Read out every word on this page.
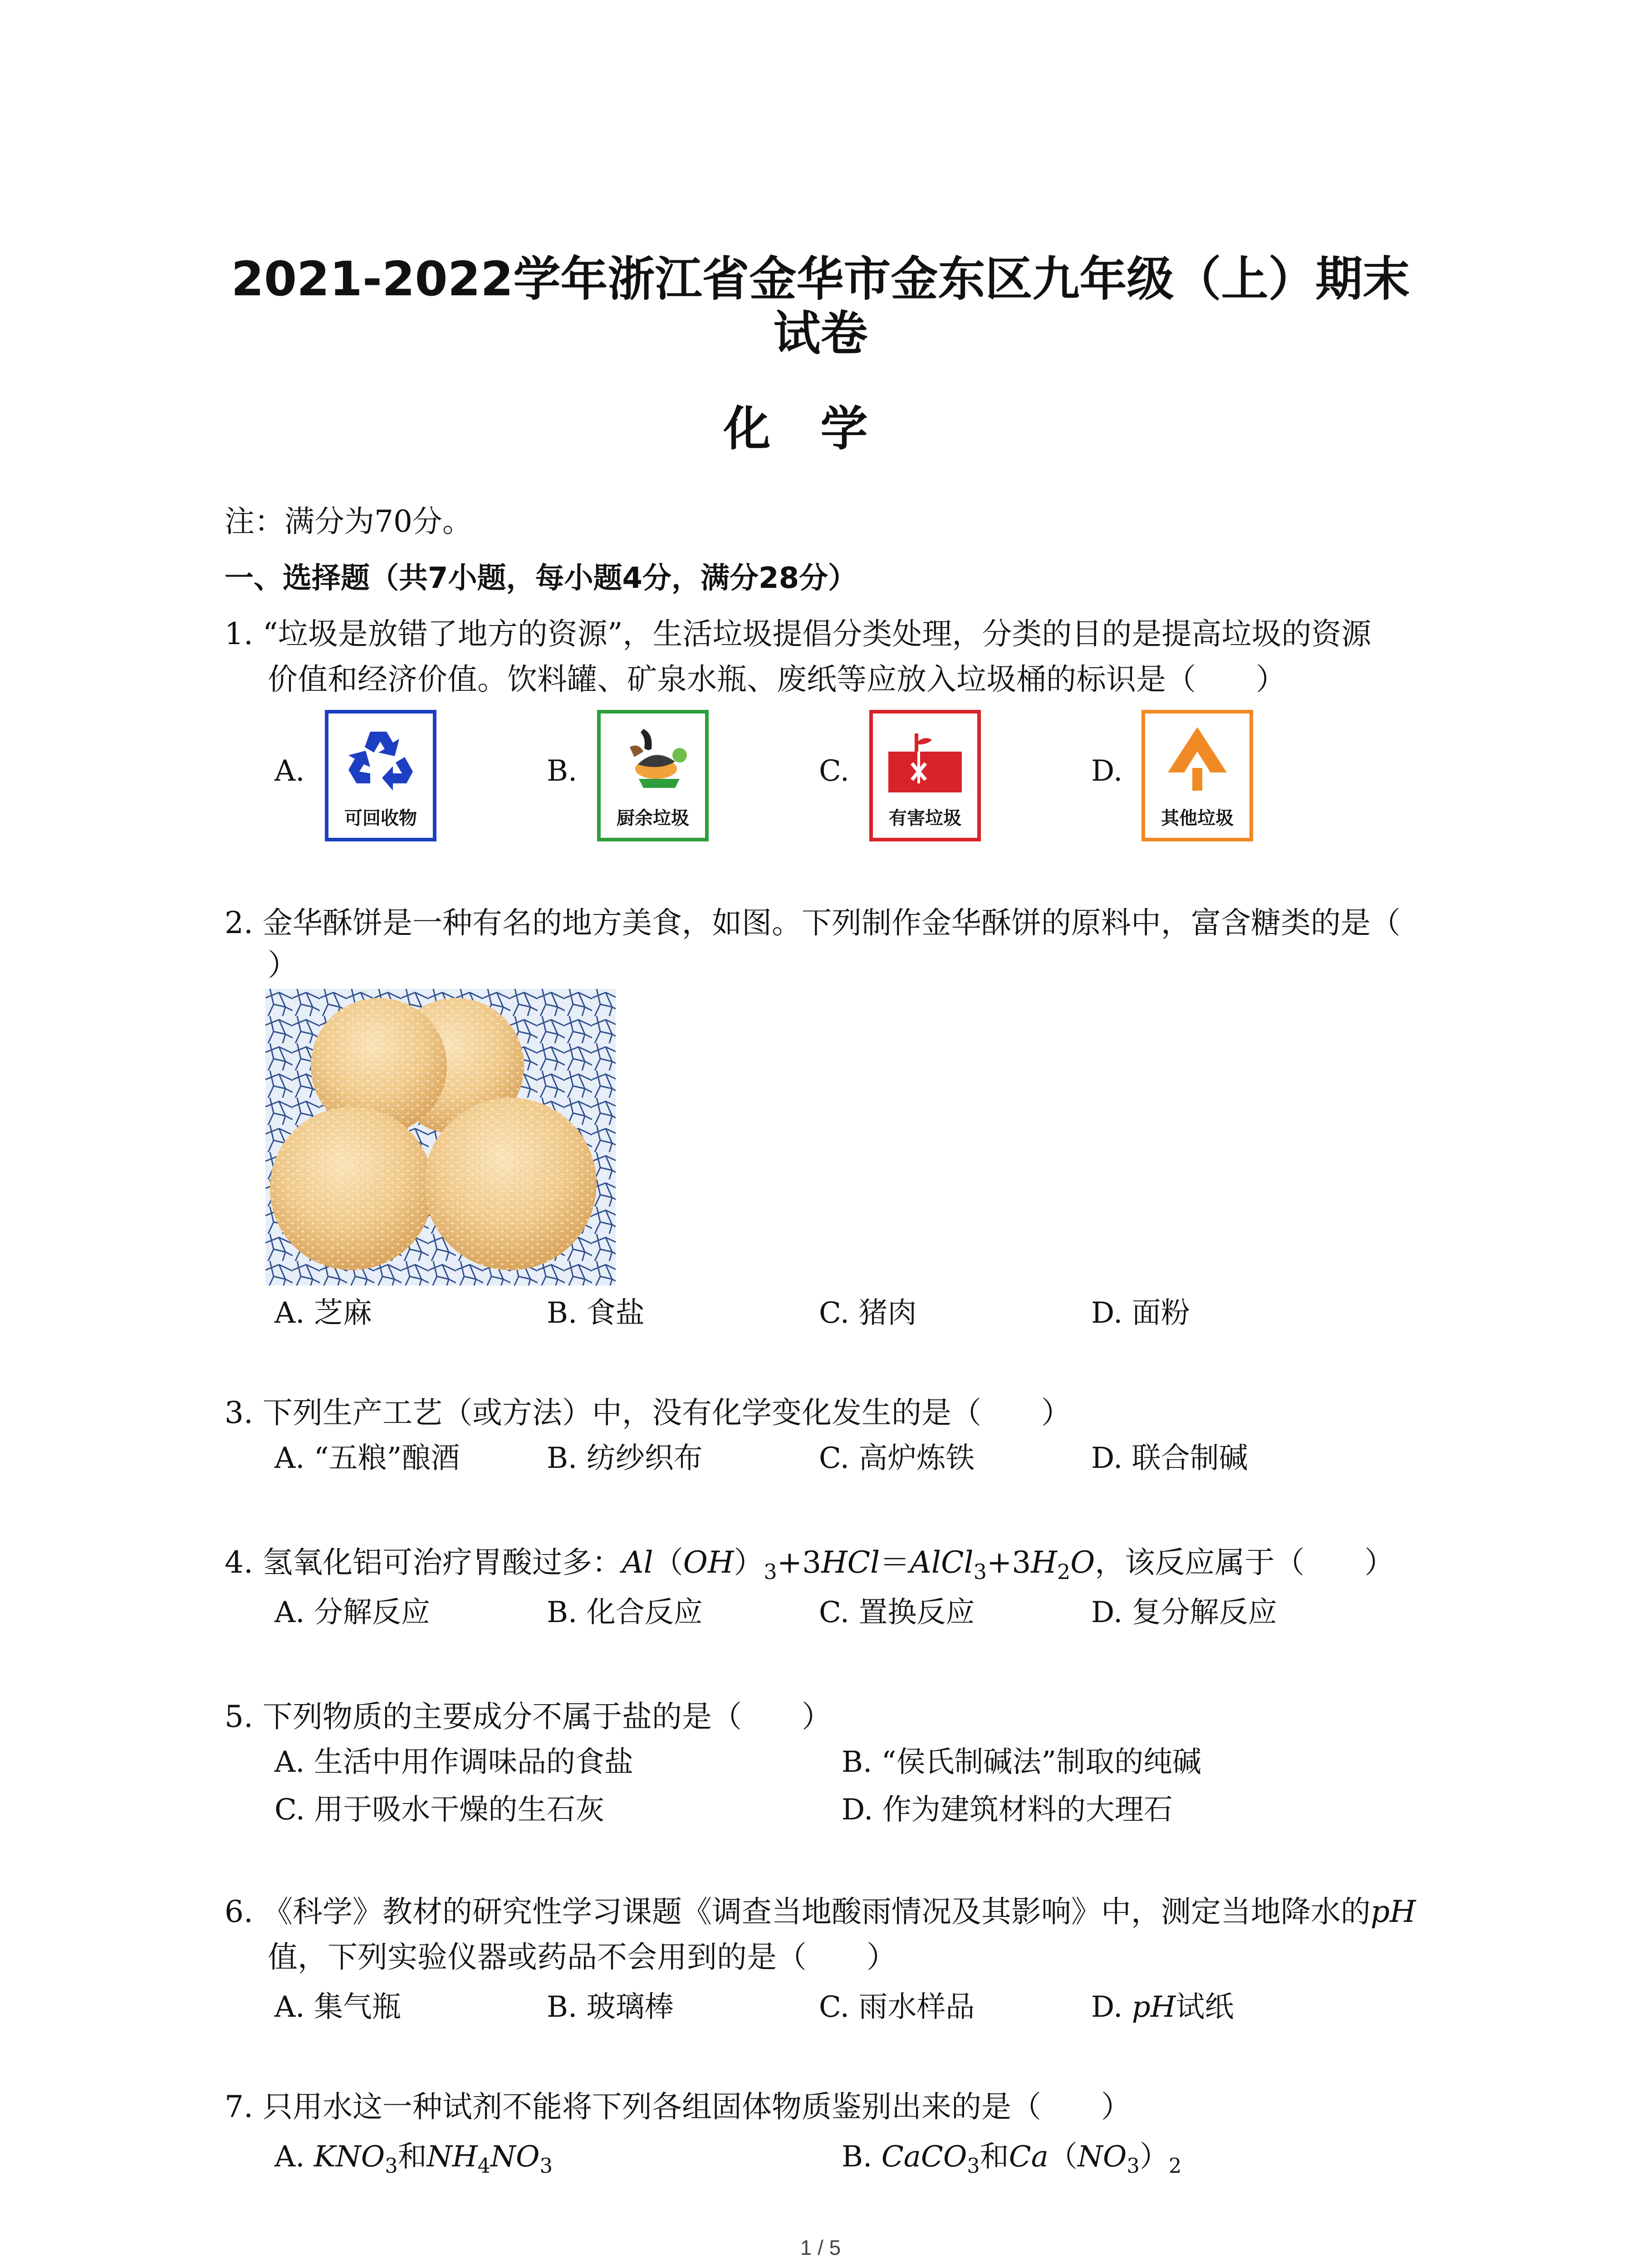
2021-2022学年浙江省金华市金东区九年级（上）期末
试卷
化学
注：满分为70分。
一、选择题（共7小题，每小题4分，满分28分）
1. “垃圾是放错了地方的资源”，生活垃圾提倡分类处理，分类的目的是提高垃圾的资源
价值和经济价值。饮料罐、矿泉水瓶、废纸等应放入垃圾桶的标识是（　　）
A.
可回收物
B.
厨余垃圾
C.
有害垃圾
D.
其他垃圾
2. 金华酥饼是一种有名的地方美食，如图。下列制作金华酥饼的原料中，富含糖类的是（
）
A. 芝麻	B. 食盐	C. 猪肉	D. 面粉
3. 下列生产工艺（或方法）中，没有化学变化发生的是（　　）
A. “五粮”酿酒	B. 纺纱织布	C. 高炉炼铁	D. 联合制碱
4. 氢氧化铝可治疗胃酸过多：$Al(OH)_3+3HCl=AlCl_3+3H_2O$，该反应属于（　　）
A. 分解反应	B. 化合反应	C. 置换反应	D. 复分解反应
5. 下列物质的主要成分不属于盐的是（　　）
A. 生活中用作调味品的食盐	B. “侯氏制碱法”制取的纯碱
C. 用于吸水干燥的生石灰	D. 作为建筑材料的大理石
6. 《科学》教材的研究性学习课题《调查当地酸雨情况及其影响》中，测定当地降水的pH
值，下列实验仪器或药品不会用到的是（　　）
A. 集气瓶	B. 玻璃棒	C. 雨水样品	D. pH试纸
7. 只用水这一种试剂不能将下列各组固体物质鉴别出来的是（　　）
A. $KNO_3$和$NH_4NO_3$	B. CaCO$_3$和$Ca(NO_3)_2$
1 / 5
